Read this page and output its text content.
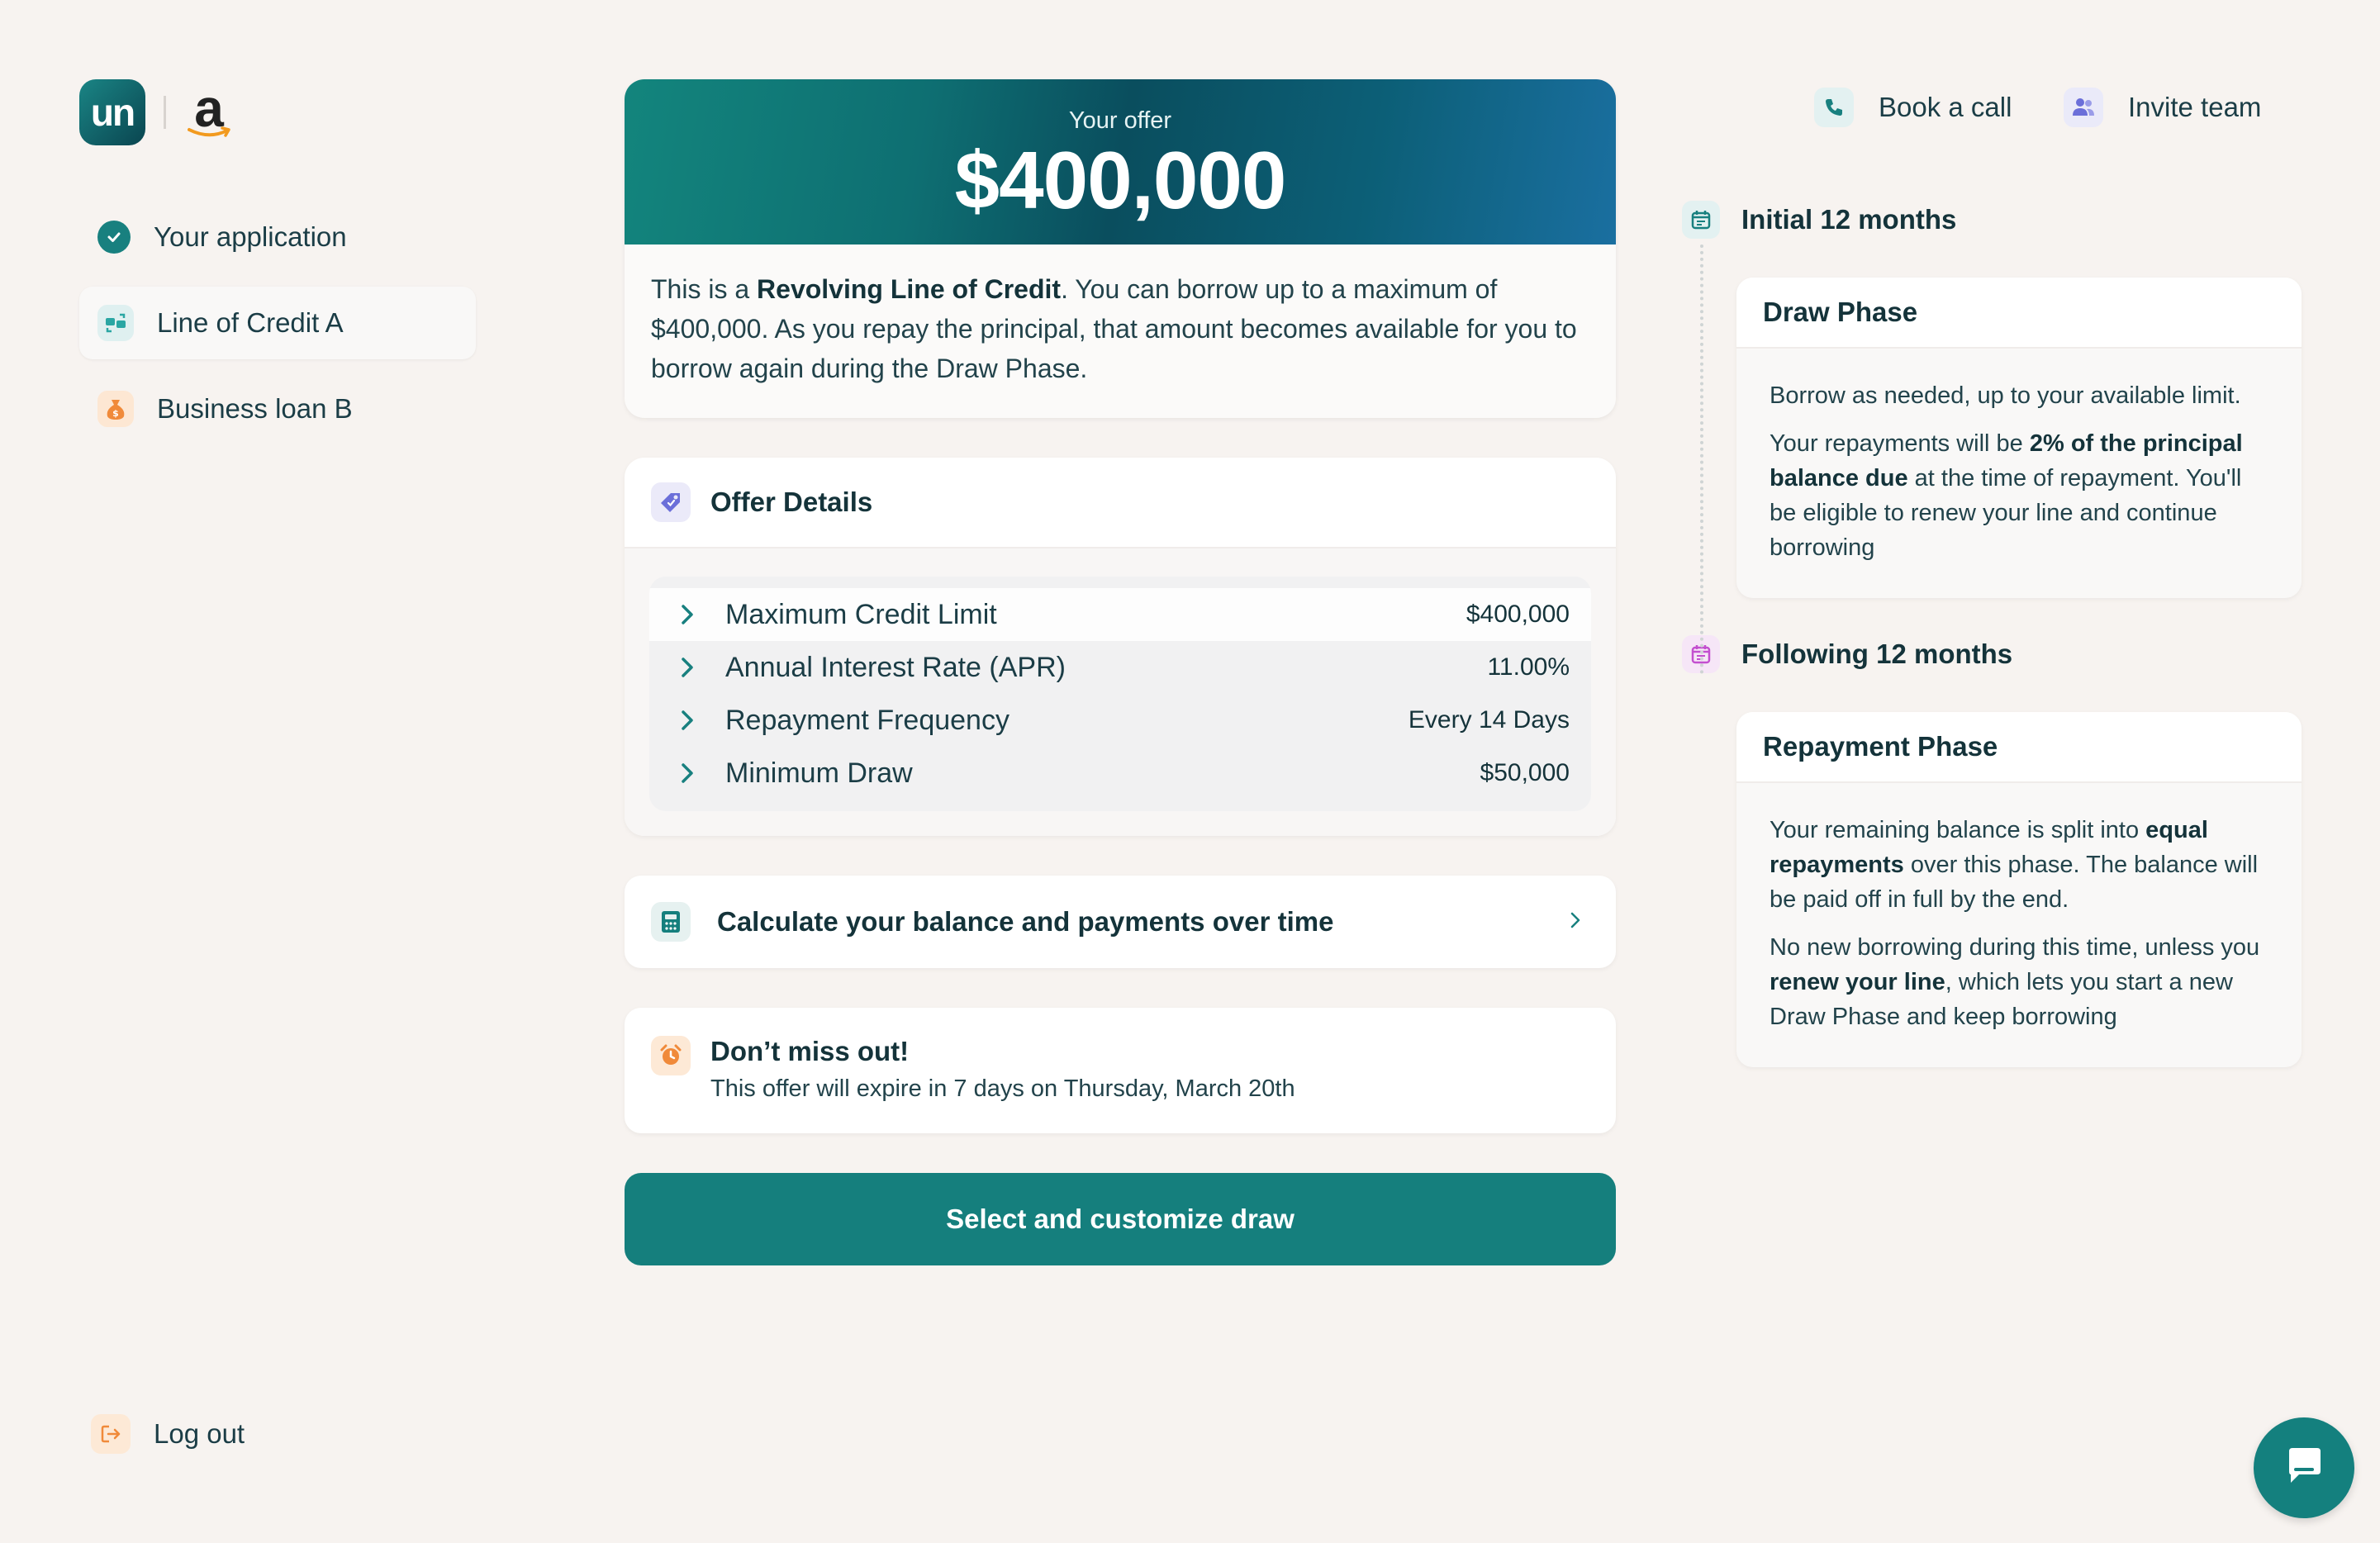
un a
Your application
Line of Credit A
$ Business loan B
Log out
Your offer
$400,000
This is a Revolving Line of Credit. You can borrow up to a maximum of $400,000. As you repay the principal, that amount becomes available for you to borrow again during the Draw Phase.
Offer Details
Maximum Credit Limit	$400,000
Annual Interest Rate (APR)	11.00%
Repayment Frequency	Every 14 Days
Minimum Draw	$50,000
Calculate your balance and payments over time
Don’t miss out!
This offer will expire in 7 days on Thursday, March 20th
Select and customize draw
Book a call	Invite team
Initial 12 months
Draw Phase

Borrow as needed, up to your available limit.

Your repayments will be 2% of the principal balance due at the time of repayment. You'll be eligible to renew your line and continue borrowing

Following 12 months
Repayment Phase

Your remaining balance is split into equal repayments over this phase. The balance will be paid off in full by the end.

No new borrowing during this time, unless you renew your line, which lets you start a new Draw Phase and keep borrowing
